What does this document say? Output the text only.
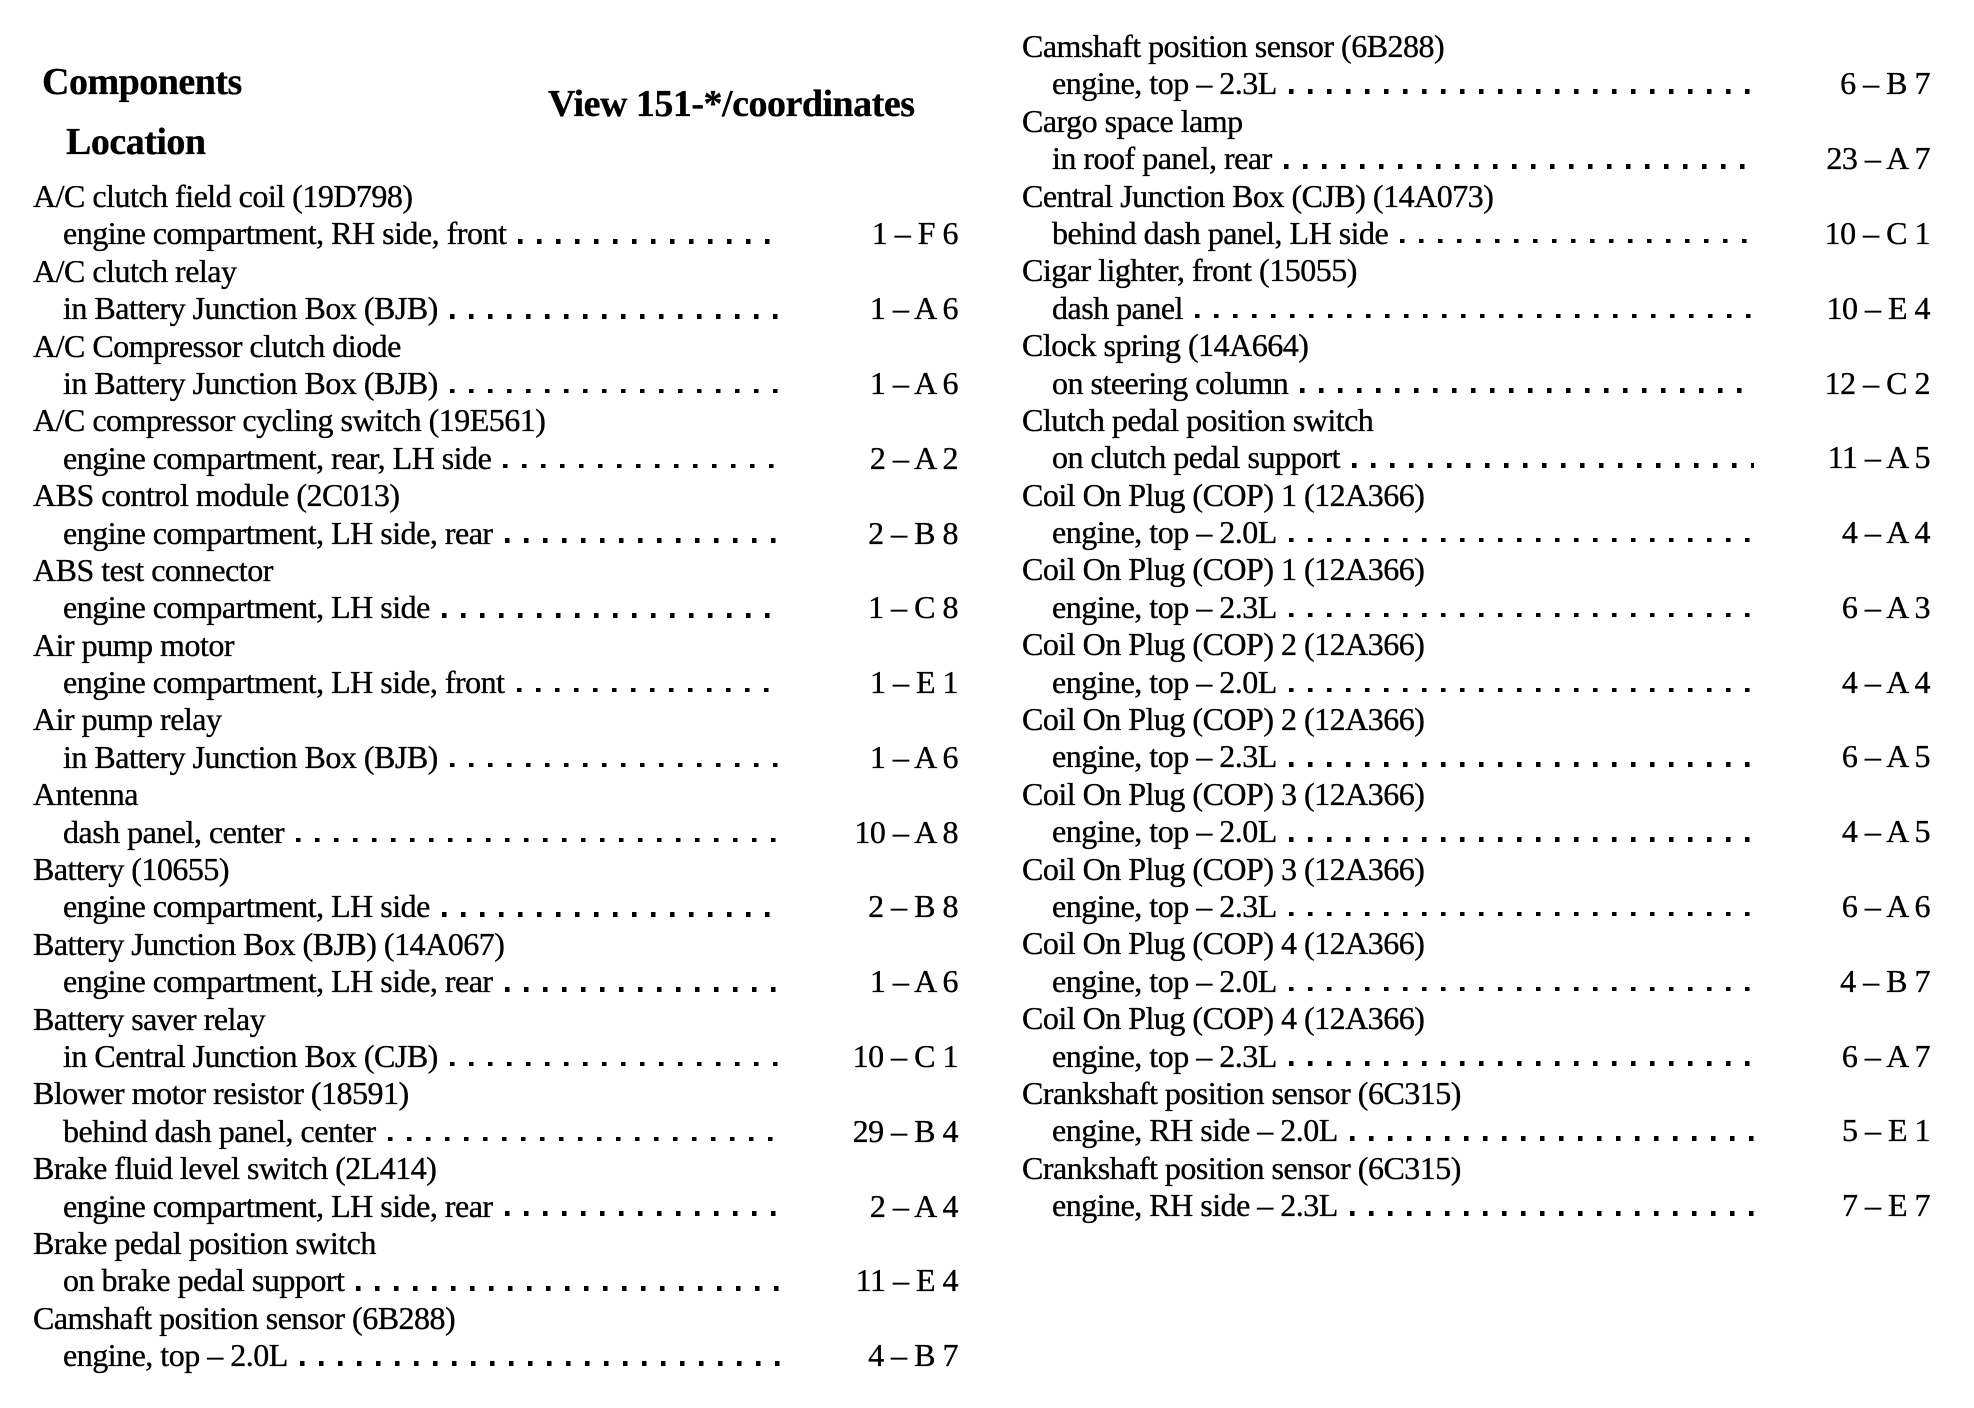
Components
Location
View 151-*/coordinates
A/C clutch field coil (19D798)
engine compartment, RH side, front	1 – F 6
A/C clutch relay
in Battery Junction Box (BJB)	1 – A 6
A/C Compressor clutch diode
in Battery Junction Box (BJB)	1 – A 6
A/C compressor cycling switch (19E561)
engine compartment, rear, LH side	2 – A 2
ABS control module (2C013)
engine compartment, LH side, rear	2 – B 8
ABS test connector
engine compartment, LH side	1 – C 8
Air pump motor
engine compartment, LH side, front	1 – E 1
Air pump relay
in Battery Junction Box (BJB)	1 – A 6
Antenna
dash panel, center	10 – A 8
Battery (10655)
engine compartment, LH side	2 – B 8
Battery Junction Box (BJB) (14A067)
engine compartment, LH side, rear	1 – A 6
Battery saver relay
in Central Junction Box (CJB)	10 – C 1
Blower motor resistor (18591)
behind dash panel, center	29 – B 4
Brake fluid level switch (2L414)
engine compartment, LH side, rear	2 – A 4
Brake pedal position switch
on brake pedal support	11 – E 4
Camshaft position sensor (6B288)
engine, top – 2.0L	4 – B 7
Camshaft position sensor (6B288)
engine, top – 2.3L	6 – B 7
Cargo space lamp
in roof panel, rear	23 – A 7
Central Junction Box (CJB) (14A073)
behind dash panel, LH side	10 – C 1
Cigar lighter, front (15055)
dash panel	10 – E 4
Clock spring (14A664)
on steering column	12 – C 2
Clutch pedal position switch
on clutch pedal support	11 – A 5
Coil On Plug (COP) 1 (12A366)
engine, top – 2.0L	4 – A 4
Coil On Plug (COP) 1 (12A366)
engine, top – 2.3L	6 – A 3
Coil On Plug (COP) 2 (12A366)
engine, top – 2.0L	4 – A 4
Coil On Plug (COP) 2 (12A366)
engine, top – 2.3L	6 – A 5
Coil On Plug (COP) 3 (12A366)
engine, top – 2.0L	4 – A 5
Coil On Plug (COP) 3 (12A366)
engine, top – 2.3L	6 – A 6
Coil On Plug (COP) 4 (12A366)
engine, top – 2.0L	4 – B 7
Coil On Plug (COP) 4 (12A366)
engine, top – 2.3L	6 – A 7
Crankshaft position sensor (6C315)
engine, RH side – 2.0L	5 – E 1
Crankshaft position sensor (6C315)
engine, RH side – 2.3L	7 – E 7
